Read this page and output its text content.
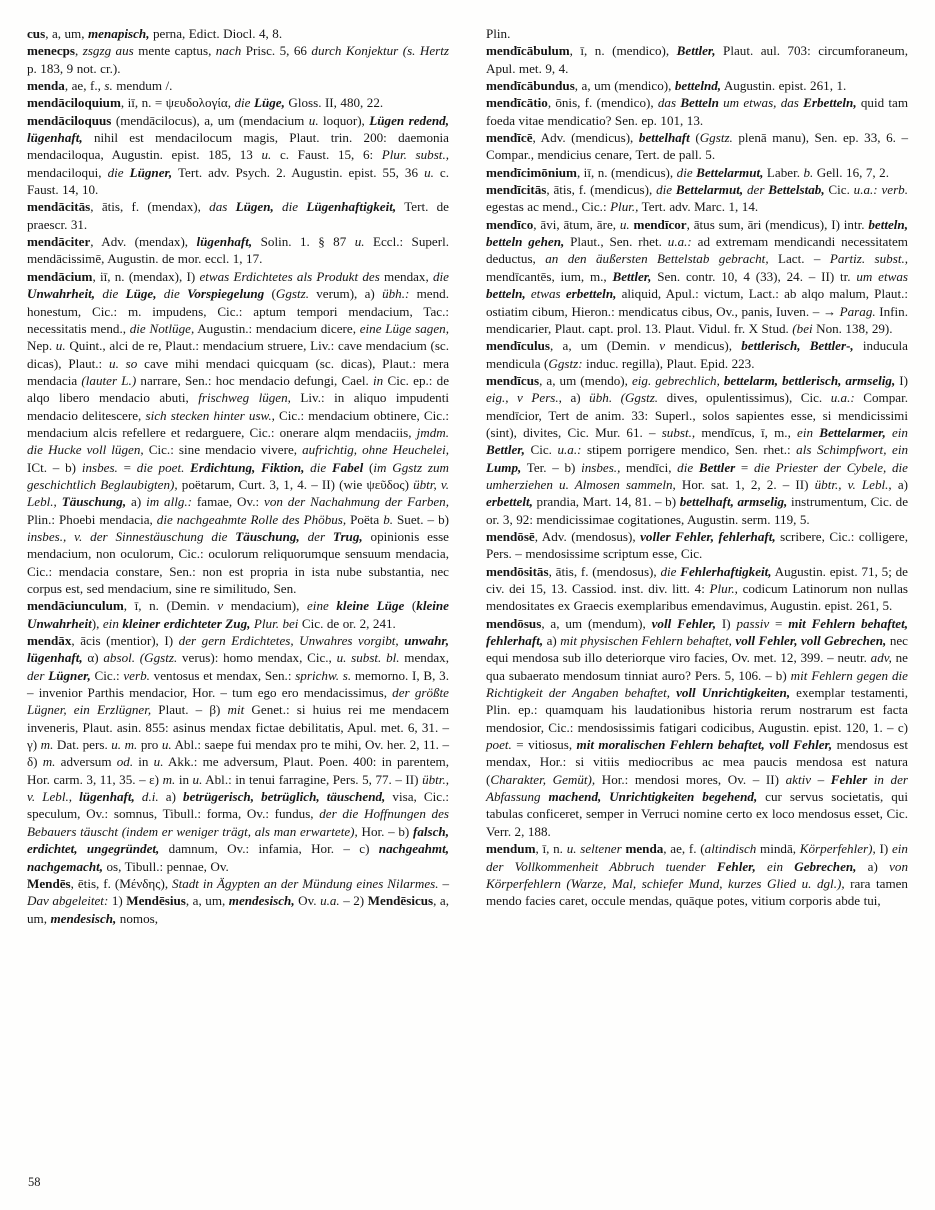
cus, a, um, menapisch, perna, Edict. Diocl. 4, 8.

menecps, zsgzg aus mente captus, nach Prisc. 5, 66 durch Konjektur (s. Hertz p. 183, 9 not. cr.).

menda, ae, f., s. mendum /.

mendāciloquium, iī, n. = ψευδολογία, die Lüge, Gloss. II, 480, 22.

mendāciloquus (mendācilocus), a, um (mendacium u. loquor), Lügen redend, lügenhaft, nihil est mendacilocum magis, Plaut. trin. 200: daemonia mendaciloqua, Augustin. epist. 185, 13 u. c. Faust. 15, 6: Plur. subst., mendaciloqui, die Lügner, Tert. adv. Psych. 2. Augustin. epist. 55, 36 u. c. Faust. 14, 10.

mendācitās, ātis, f. (mendax), das Lügen, die Lügenhaftigkeit, Tert. de praescr. 31.

mendāciter, Adv. (mendax), lügenhaft, Solin. 1. § 87 u. Eccl.: Superl. mendācissimē, Augustin. de mor. eccl. 1, 17.

mendācium, iī, n. (mendax), I) etwas Erdichtetes als Produkt des mendax, die Unwahrheit, die Lüge, die Vorspiegelung (Ggstz. verum), a) übh.: mend. honestum, Cic.: m. impudens, Cic.: aptum tempori mendacium, Tac.: necessitatis mend., die Notlüge, Augustin.: mendacium dicere, eine Lüge sagen, Nep. u. Quint., alci de re, Plaut.: mendacium struere, Liv.: cave mendacium (sc. dicas), Plaut.: u. so cave mihi mendaci quicquam (sc. dicas), Plaut.: mera mendacia (lauter L.) narrare, Sen.: hoc mendacio defungi, Cael. in Cic. ep.: de alqo libero mendacio abuti, frischweg lügen, Liv.: in aliquo impudenti mendacio delitescere, sich stecken hinter usw., Cic.: mendacium obtinere, Cic.: mendacium alcis refellere et redarguere, Cic.: onerare alqm mendaciis, jmdm. die Hucke voll lügen, Cic.: sine mendacio vivere, aufrichtig, ohne Heuchelei, ICt. – b) insbes. = die poet. Erdichtung, Fiktion, die Fabel (im Ggstz zum geschichtlich Beglaubigten), poëtarum, Curt. 3, 1, 4. – II) (wie ψεῦδος) übtr, v. Lebl., Täuschung, a) im allg.: famae, Ov.: von der Nachahmung der Farben, Plin.: Phoebi mendacia, die nachgeahmte Rolle des Phöbus, Poëta b. Suet. – b) insbes., v. der Sinnestäuschung die Täuschung, der Trug, opinionis esse mendacium, non oculorum, Cic.: oculorum reliquorumque sensuum mendacia, Cic.: mendacia constare, Sen.: non est propria in ista nube substantia, nec corpus est, sed mendacium, sine re similitudo, Sen.

mendāciunculum, ī, n. (Demin. v mendacium), eine kleine Lüge (kleine Unwahrheit), ein kleiner erdichteter Zug, Plur. bei Cic. de or. 2, 241.

mendāx, ācis (mentior), I) der gern Erdichtetes, Unwahres vorgibt, unwahr, lügenhaft, α) absol. (Ggstz. verus): homo mendax, Cic., u. subst. bl. mendax, der Lügner, Cic.: verb. ventosus et mendax, Sen.: sprichw. s. memorno. I, B, 3. – invenior Parthis mendacior, Hor. – tum ego ero mendacissimus, der größte Lügner, ein Erzlügner, Plaut. – β) mit Genet.: si huius rei me mendacem inveneris, Plaut. asin. 855: asinus mendax fictae debilitatis, Apul. met. 6, 31. – γ) m. Dat. pers. u. m. pro u. Abl.: saepe fui mendax pro te mihi, Ov. her. 2, 11. – δ) m. adversum od. in u. Akk.: me adversum, Plaut. Poen. 400: in parentem, Hor. carm. 3, 11, 35. – ε) m. in u. Abl.: in tenui farragine, Pers. 5, 77. – II) übtr., v. Lebl., lügenhaft, d.i. a) betrügerisch, betrüglich, täuschend, visa, Cic.: speculum, Ov.: somnus, Tibull.: forma, Ov.: fundus, der die Hoffnungen des Bebauers täuscht (indem er weniger trägt, als man erwartete), Hor. – b) falsch, erdichtet, ungegründet, damnum, Ov.: infamia, Hor. – c) nachgeahmt, nachgemacht, os, Tibull.: pennae, Ov.

Mendēs, ētis, f. (Μένδης), Stadt in Ägypten an der Mündung eines Nilarmes. – Dav abgeleitet: 1) Mendēsius, a, um, mendesisch, Ov. u.a. – 2) Mendēsicus, a, um, mendesisch, nomos,

Plin.

mendīcābulum, ī, n. (mendico), Bettler, Plaut. aul. 703: circumforaneum, Apul. met. 9, 4.

mendīcābundus, a, um (mendico), bettelnd, Augustin. epist. 261, 1.

mendīcātio, ōnis, f. (mendico), das Betteln um etwas, das Erbetteln, quid tam foeda vitae mendicatio? Sen. ep. 101, 13.

mendīcē, Adv. (mendicus), bettelhaft (Ggstz. plenā manu), Sen. ep. 33, 6. – Compar., mendicius cenare, Tert. de pall. 5.

mendīcimōnium, iī, n. (mendicus), die Bettelarmut, Laber. b. Gell. 16, 7, 2.

mendīcitās, ātis, f. (mendicus), die Bettelarmut, der Bettelstab, Cic. u.a.: verb. egestas ac mend., Cic.: Plur., Tert. adv. Marc. 1, 14.

mendīco, āvi, ātum, āre, u. mendīcor, ātus sum, āri (mendicus), I) intr. betteln, betteln gehen, Plaut., Sen. rhet. u.a.: ad extremam mendicandi necessitatem deductus, an den äußersten Bettelstab gebracht, Lact. – Partiz. subst., mendīcantēs, ium, m., Bettler, Sen. contr. 10, 4 (33), 24. – II) tr. um etwas betteln, etwas erbetteln, aliquid, Apul.: victum, Lact.: ab alqo malum, Plaut.: ostiatim cibum, Hieron.: mendicatus cibus, Ov., panis, Iuven. – → Parag. Infin. mendicarier, Plaut. capt. prol. 13. Plaut. Vidul. fr. X Stud. (bei Non. 138, 29).

mendīculus, a, um (Demin. v mendicus), bettlerisch, Bettler-, inducula mendicula (Ggstz: induc. regilla), Plaut. Epid. 223.

mendīcus, a, um (mendo), eig. gebrechlich, bettelarm, bettlerisch, armselig, I) eig., v Pers., a) übh. (Ggstz. dives, opulentissimus), Cic. u.a.: Compar. mendīcior, Tert de anim. 33: Superl., solos sapientes esse, si mendicissimi (sint), divites, Cic. Mur. 61. – subst., mendīcus, ī, m., ein Bettelarmer, ein Bettler, Cic. u.a.: stipem porrigere mendico, Sen. rhet.: als Schimpfwort, ein Lump, Ter. – b) insbes., mendīci, die Bettler = die Priester der Cybele, die umherziehen u. Almosen sammeln, Hor. sat. 1, 2, 2. – II) übtr., v. Lebl., a) erbettelt, prandia, Mart. 14, 81. – b) bettelhaft, armselig, instrumentum, Cic. de or. 3, 92: mendicissimae cogitationes, Augustin. serm. 119, 5.

mendōsē, Adv. (mendosus), voller Fehler, fehlerhaft, scribere, Cic.: colligere, Pers. – mendosissime scriptum esse, Cic.

mendōsitās, ātis, f. (mendosus), die Fehlerhaftigkeit, Augustin. epist. 71, 5; de civ. dei 15, 13. Cassiod. inst. div. litt. 4: Plur., codicum Latinorum non nullas mendositates ex Graecis exemplaribus emendavimus, Augustin. epist. 261, 5.

mendōsus, a, um (mendum), voll Fehler, I) passiv = mit Fehlern behaftet, fehlerhaft, a) mit physischen Fehlern behaftet, voll Fehler, voll Gebrechen, nec equi mendosa sub illo deteriorque viro facies, Ov. met. 12, 399. – neutr. adv, ne qua subaerato mendosum tinniat auro? Pers. 5, 106. – b) mit Fehlern gegen die Richtigkeit der Angaben behaftet, voll Unrichtigkeiten, exemplar testamenti, Plin. ep.: quamquam his laudationibus historia rerum nostrarum est facta mendosior, Cic.: mendosissimis fatigari codicibus, Augustin. epist. 120, 1. – c) poet. = vitiosus, mit moralischen Fehlern behaftet, voll Fehler, mendosus est mendax, Hor.: si vitiis mediocribus ac mea paucis mendosa est natura (Charakter, Gemüt), Hor.: mendosi mores, Ov. – II) aktiv – Fehler in der Abfassung machend, Unrichtigkeiten begehend, cur servus societatis, qui tabulas conficeret, semper in Verruci nomine certo ex loco mendosus esset, Cic. Verr. 2, 188.

mendum, ī, n. u. seltener menda, ae, f. (altindisch mindā, Körperfehler), I) ein der Vollkommenheit Abbruch tuender Fehler, ein Gebrechen, a) von Körperfehlern (Warze, Mal, schiefer Mund, kurzes Glied u. dgl.), rara tamen mendo facies caret, occule mendas, quāque potes, vitium corporis abde tui,

58
